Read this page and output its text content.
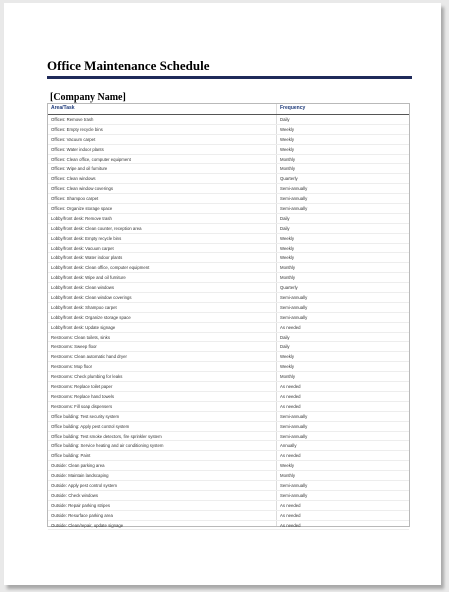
Office Maintenance Schedule
[Company Name]
Area/Task	Frequency
Offices: Remove trash	Daily
Offices: Empty recycle bins	Weekly
Offices: Vacuum carpet	Weekly
Offices: Water indoor plants	Weekly
Offices: Clean office, computer equipment	Monthly
Offices: Wipe and oil furniture	Monthly
Offices: Clean windows	Quarterly
Offices: Clean window coverings	Semi-annually
Offices: Shampoo carpet	Semi-annually
Offices: Organize storage space	Semi-annually
Lobby/front desk: Remove trash	Daily
Lobby/front desk: Clean counter, reception area	Daily
Lobby/front desk: Empty recycle bins	Weekly
Lobby/front desk: Vacuum carpet	Weekly
Lobby/front desk: Water indoor plants	Weekly
Lobby/front desk: Clean office, computer equipment	Monthly
Lobby/front desk: Wipe and oil furniture	Monthly
Lobby/front desk: Clean windows	Quarterly
Lobby/front desk: Clean window coverings	Semi-annually
Lobby/front desk: Shampoo carpet	Semi-annually
Lobby/front desk: Organize storage space	Semi-annually
Lobby/front desk: Update signage	As needed
Restrooms: Clean toilets, sinks	Daily
Restrooms: Sweep floor	Daily
Restrooms: Clean automatic hand dryer	Weekly
Restrooms: Mop floor	Weekly
Restrooms: Check plumbing for leaks	Monthly
Restrooms: Replace toilet paper	As needed
Restrooms: Replace hand towels	As needed
Restrooms: Fill soap dispensers	As needed
Office building: Test security system	Semi-annually
Office building: Apply pest control system	Semi-annually
Office building: Test smoke detectors, fire sprinkler system	Semi-annually
Office building: Service heating and air conditioning system	Annually
Office building: Paint	As needed
Outside: Clean parking area	Weekly
Outside: Maintain landscaping	Monthly
Outside: Apply pest control system	Semi-annually
Outside: Check windows	Semi-annually
Outside: Repair parking stripes	As needed
Outside: Resurface parking area	As needed
Outside: Clean/repair, update signage	As needed
